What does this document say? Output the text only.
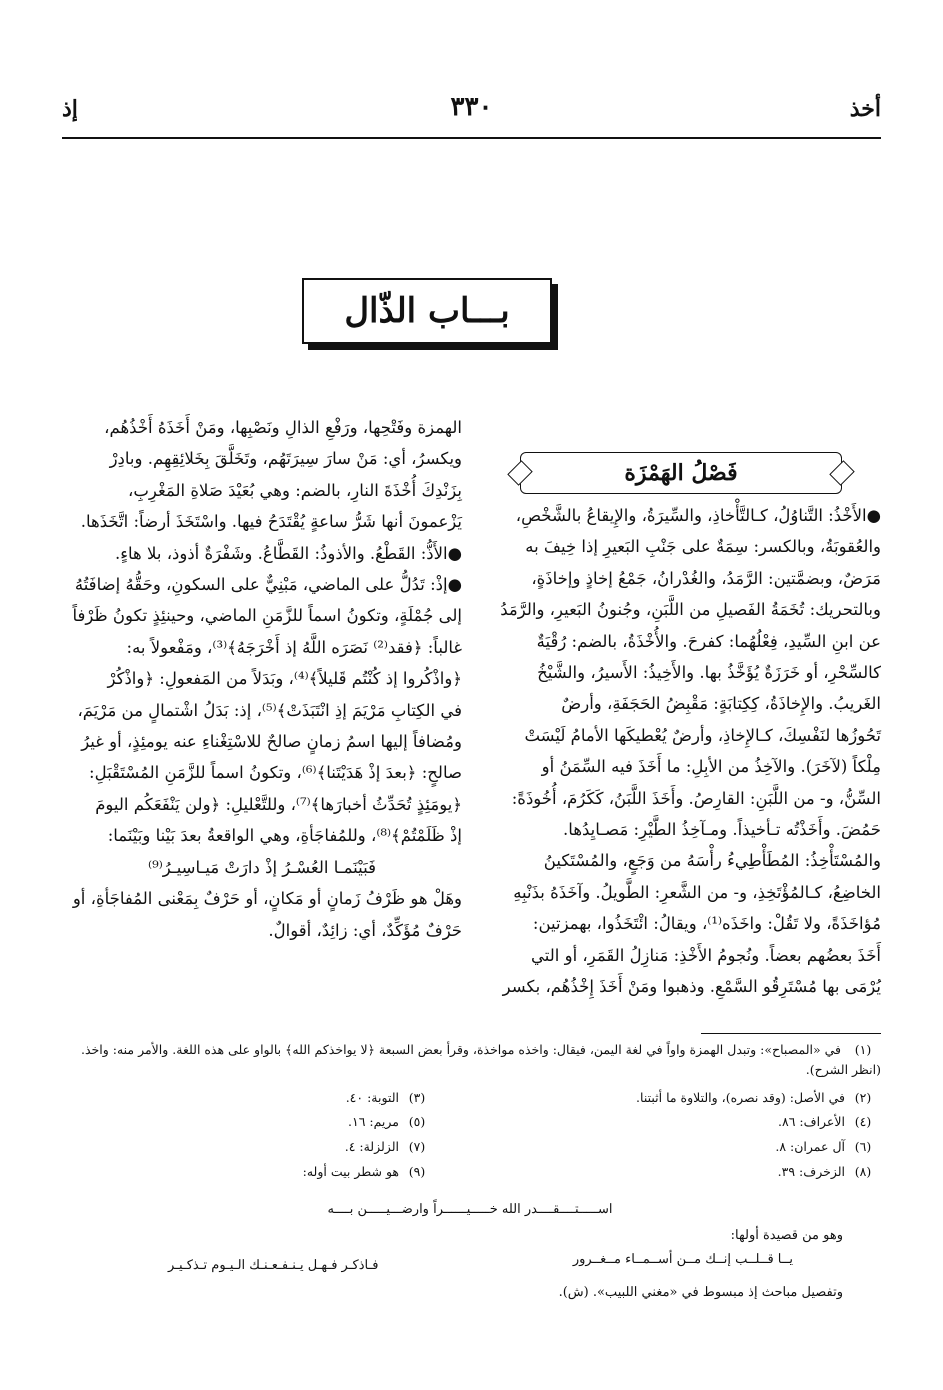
أخذ
٣٣٠
إذ
بـــاب الذّال
فَصْلُ الهَمْزَة

●الأَخْذُ: التَّناوُلُ، كـالتَّأْخاذِ، والسِّيرَةُ، والإِيقاعُ بالشَّخْصِ،

والعُقوبَةُ، وبالكسر: سِمَةٌ على جَنْبِ البَعيرِ إذا خِيفَ به

مَرَضٌ، وبضمَّتين: الرَّمَدُ، والغُدْرانُ، جَمْعُ إخاذٍ وإخاذَةٍ،

وبالتحريك: تُخَمَةُ الفَصيلِ من اللَّبَنِ، وجُنونُ البَعيرِ، والرَّمَدُ

عن ابنِ السِّيدِ، فِعْلُهُما: كفرحَ. والأُخْذَةُ، بالضم: رُقْيَةٌ

كالسِّحْرِ، أو خَرَزَةٌ يُؤَخَّذُ بها. والأَخِيذُ: الأَسيرُ، والشَّيْخُ

الغَريبُ. والإِخاذَةُ، كِكِتابَةٍ: مَقْبِضُ الحَجَفَةِ، وأرضٌ

تَحُوزُها لنَفْسِكَ، كـالإِخاذِ، وأرضٌ يُعْطيكَها الأمامُ لَيْسَتْ

مِلْكاً (لآخَرَ). والآخِذُ من الأبِلِ: ما أَخَذَ فيه السِّمَنُ أو

السِّنُّ، و- من اللَّبَنِ: القارِصُ. وأَخَذَ اللَّبَنُ، كَكَرُمَ، أُخُوذَةً:

حَمُضَ. وأَخَذْتُه تـأخيذاً. ومـآخِذُ الطَّيْرِ: مَصـايِدُها.

والمُسْتَأْخِذُ: المُطَأْطِيءُ رأْسَهُ من وَجَعٍ، والمُسْتَكينُ

الخاضِعُ، كـالمُؤْتَخِذِ، و- من الشَّعرِ: الطَّويلُ. وآخَذَهُ بذَنْبِهِ

مُؤاخَذَةً، ولا تَقُلْ: واخَذَه⁽¹⁾، ويقالُ: ائْتَخَذُوا، بهمزتين:

أَخَذَ بعضُهم بعضاً. ونُجومُ الأَخْذِ: مَنازِلُ القَمَرِ، أو التي

يُرْمَى بها مُسْتَرِقُو السَّمْعِ. وذهبوا ومَنْ أَخَذَ إِخْذُهُم، بكسر

الهمزة وفَتْحِها، ورَفْعِ الذالِ ونَصْبِها، ومَنْ أَخَذَهُ أَخْذُهُم،

ويكسرُ، أي: مَنْ سارَ سِيرَتَهُم، وتَخَلَّقَ بِخَلائِقِهِم. وبادِرْ

بِزَنْدِكَ أُخْذَةَ النارِ، بالضم: وهي بُعَيْدَ صَلاةِ المَغْرِبِ،

يَزْعمونَ أنها شَرُّ ساعةٍ يُقْتَدَحُ فيها. واسْتَخَذَ أرضاً: اتَّخَذَها.

●الأَذُّ: القَطْعُ. والأذوذُ: القَطَّاعُ. وشَفْرَةٌ أذوذ، بلا هاءٍ.

●إذْ: تَدُلُّ على الماضي، مَبْنِيٌّ على السكونِ، وحَقُّهُ إضافَتُهُ

إلى جُمْلَةٍ، وتكونُ اسماً للزَّمَنِ الماضي، وحينئِذٍ تكونُ ظَرْفاً

غالباً: ﴿فقد⁽²⁾ نَصَرَه اللَّهُ إذ أَخْرَجَهُ﴾⁽³⁾، ومَفْعولاً به:

﴿واذْكُروا إذ كُنْتُم قَليلاً﴾⁽⁴⁾، وبَدَلاً من المَفعولِ: ﴿واذْكُرْ

في الكِتابِ مَرْيَمَ إذِ انْتَبَذَتْ﴾⁽⁵⁾، إذ: بَدَلُ اشْتمالٍ من مَرْيَمَ،

ومُضافاً إليها اسمُ زمانٍ صالحٌ للاسْتِغْناءِ عنه يومئِذٍ، أو غيرُ

صالحٍ: ﴿بعدَ إذْ هَدَيْتَنا﴾⁽⁶⁾، وتكونُ اسماً للزَّمَنِ المُسْتَقْبَلِ:

﴿يومَئِذٍ تُحَدِّثُ أخبارَها﴾⁽⁷⁾، وللتَّعْليلِ: ﴿ولن يَنْفَعَكُم اليومَ

إذْ ظَلَمْتُمْ﴾⁽⁸⁾، وللمُفاجَأةِ، وهي الواقعةُ بعدَ بَيْنا وبَيْنَما:

فَبَيْنَمـا العُسْـرُ إذْ دارَتْ مَيـاسِيـرُ⁽⁹⁾

وهَلْ هو ظَرْفُ زَمانٍ أو مَكانٍ، أو حَرْفٌ بِمَعْنى المُفاجَأةِ، أو

حَرْفٌ مُؤَكِّدٌ، أي: زائِدٌ، أقوالٌ.

(١) في «المصباح»: وتبدل الهمزة واواً في لغة اليمن، فيقال: واخذه مواخذة، وقرأ بعض السبعة ﴿لا يواخذكم الله﴾ بالواو على هذه اللغة. والأمر منه: واخذ. (انظر الشرح).
(٢)في الأصل: (وقد نصره)، والتلاوة ما أثبتنا.
(٣)التوبة: ٤٠.
(٤)الأعراف: ٨٦.
(٥)مريم: ١٦.
(٦)آل عمران: ٨.
(٧)الزلزلة: ٤.
(٨)الزخرف: ٣٩.
(٩)هو شطر بيت أوله:
اســـــتــــقــــدر الله خـــــيــــــراً وارضـــيـــــن بــــه
وهو من قصيدة أولها:
يــا قــلــب إنــك مــن أســمــاء مــغــرور
فـاذكـر فـهـل يـنـفـعـنـك الـيـوم تـذكـيـر
وتفصيل مباحث إذ مبسوط في «مغني اللبيب». (ش).
